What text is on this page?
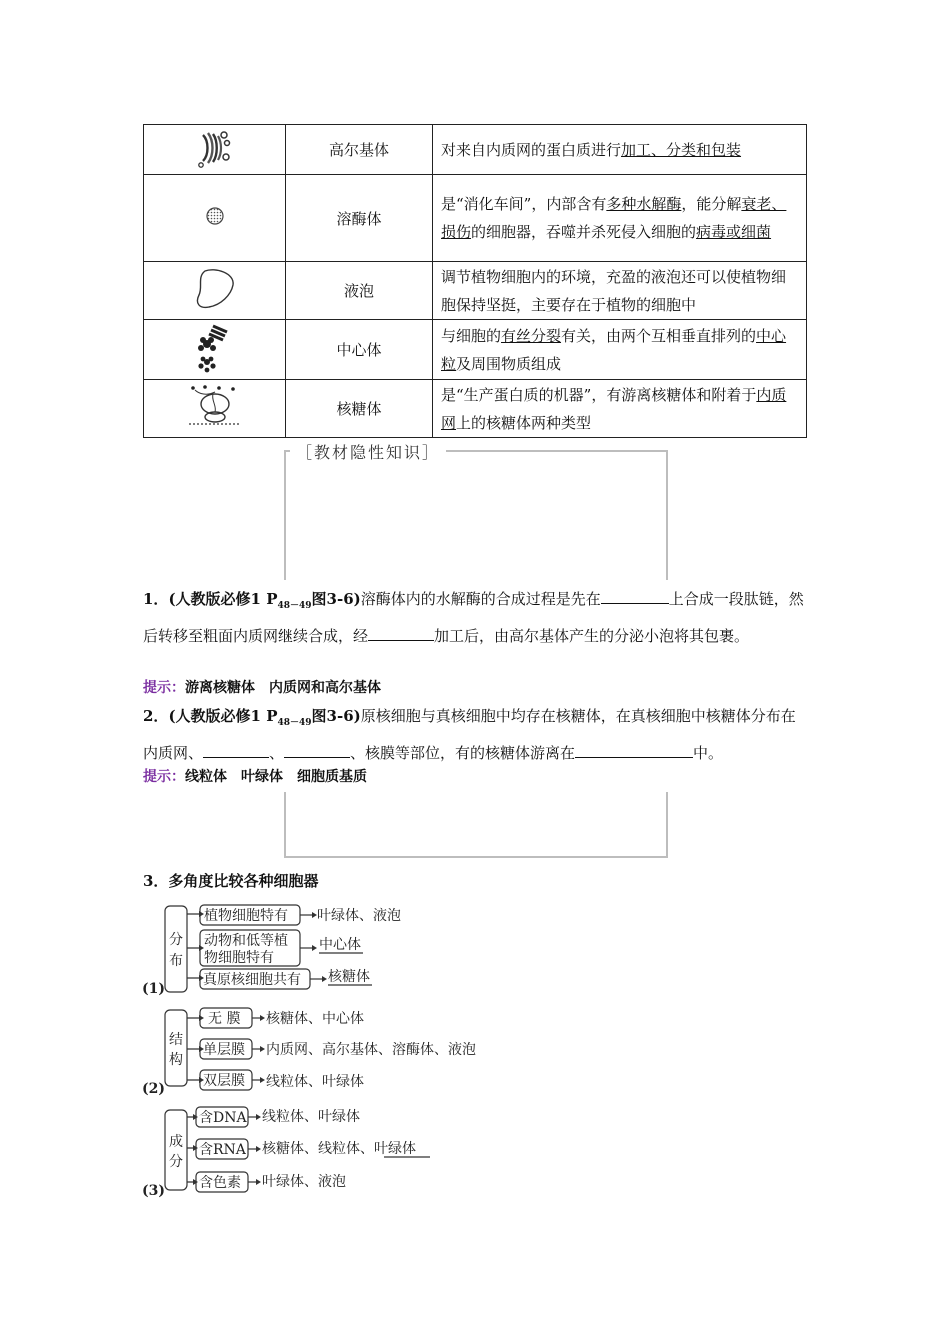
	高尔基体	对来自内质网的蛋白质进行加工、分类和包装
	溶酶体	是“消化车间”，内部含有多种水解酶，能分解衰老、损伤的细胞器，吞噬并杀死侵入细胞的病毒或细菌
	液泡	调节植物细胞内的环境，充盈的液泡还可以使植物细胞保持坚挺，主要存在于植物的细胞中
	中心体	与细胞的有丝分裂有关，由两个互相垂直排列的中心粒及周围物质组成
	核糖体	是“生产蛋白质的机器”，有游离核糖体和附着于内质网上的核糖体两种类型
［教材隐性知识］
1．(人教版必修1 $P_{48-49}$图3-6)溶酶体内的水解酶的合成过程是先在	上合成一段肽链，然后转移至粗面内质网继续合成，经	加工后，由高尔基体产生的分泌小泡将其包裹。
提示：游离核糖体　内质网和高尔基体
2．(人教版必修1 $P_{48-49}$图3-6)原核细胞与真核细胞中均存在核糖体，在真核细胞中核糖体分布在内质网、	、	、核膜等部位，有的核糖体游离在	中。
提示：线粒体　叶绿体　细胞质基质
3．多角度比较各种细胞器
分
布
植物细胞特有 叶绿体、液泡
动物和低等植
物细胞特有
中心体
真原核细胞共有 核糖体
(1)
结
构
无 膜 核糖体、中心体
单层膜 内质网、高尔基体、溶酶体、液泡
双层膜 线粒体、叶绿体
(2)
成
分
含DNA 线粒体、叶绿体
含RNA 核糖体、线粒体、叶绿体
含色素 叶绿体、液泡
(3)
